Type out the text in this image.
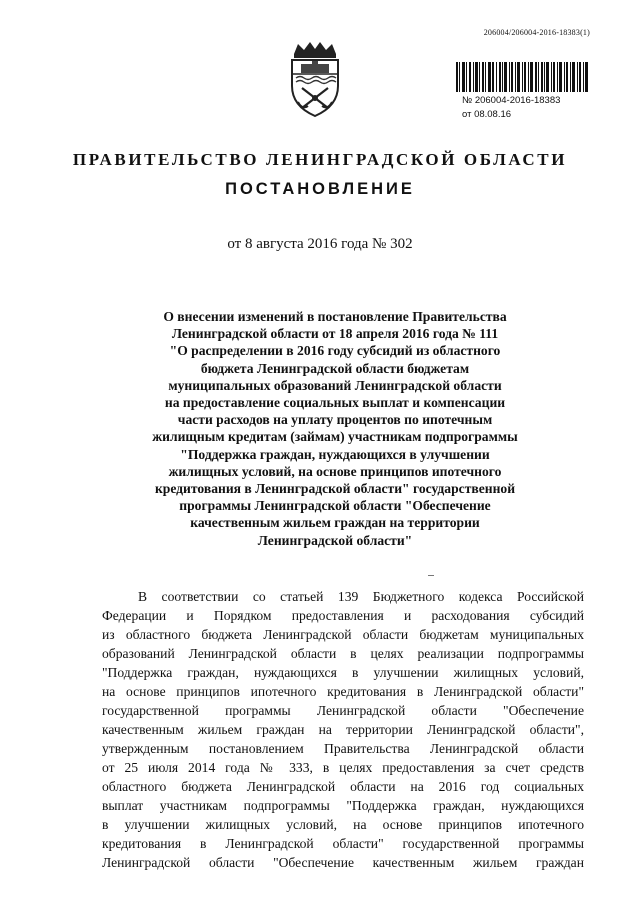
206004/206004-2016-18383(1)
№ 206004-2016-18383
от 08.08.16
ПРАВИТЕЛЬСТВО ЛЕНИНГРАДСКОЙ ОБЛАСТИ
ПОСТАНОВЛЕНИЕ
от 8 августа 2016 года № 302
О внесении изменений в постановление Правительства
Ленинградской области от 18 апреля 2016 года № 111
"О распределении в 2016 году субсидий из областного
бюджета Ленинградской области бюджетам
муниципальных образований Ленинградской области
на предоставление социальных выплат и компенсации
части расходов на уплату процентов по ипотечным
жилищным кредитам (займам) участникам подпрограммы
"Поддержка граждан, нуждающихся в улучшении
жилищных условий, на основе принципов ипотечного
кредитования в Ленинградской области" государственной
программы Ленинградской области "Обеспечение
качественным жильем граждан на территории
Ленинградской области"
В соответствии со статьей 139 Бюджетного кодекса Российской
Федерации и Порядком предоставления и расходования субсидий
из областного бюджета Ленинградской области бюджетам муниципальных
образований Ленинградской области в целях реализации подпрограммы
"Поддержка граждан, нуждающихся в улучшении жилищных условий,
на основе принципов ипотечного кредитования в Ленинградской области"
государственной программы Ленинградской области "Обеспечение
качественным жильем граждан на территории Ленинградской области",
утвержденным постановлением Правительства Ленинградской области
от 25 июля 2014 года № 333, в целях предоставления за счет средств
областного бюджета Ленинградской области на 2016 год социальных
выплат участникам подпрограммы "Поддержка граждан, нуждающихся
в улучшении жилищных условий, на основе принципов ипотечного
кредитования в Ленинградской области" государственной программы
Ленинградской области "Обеспечение качественным жильем граждан
